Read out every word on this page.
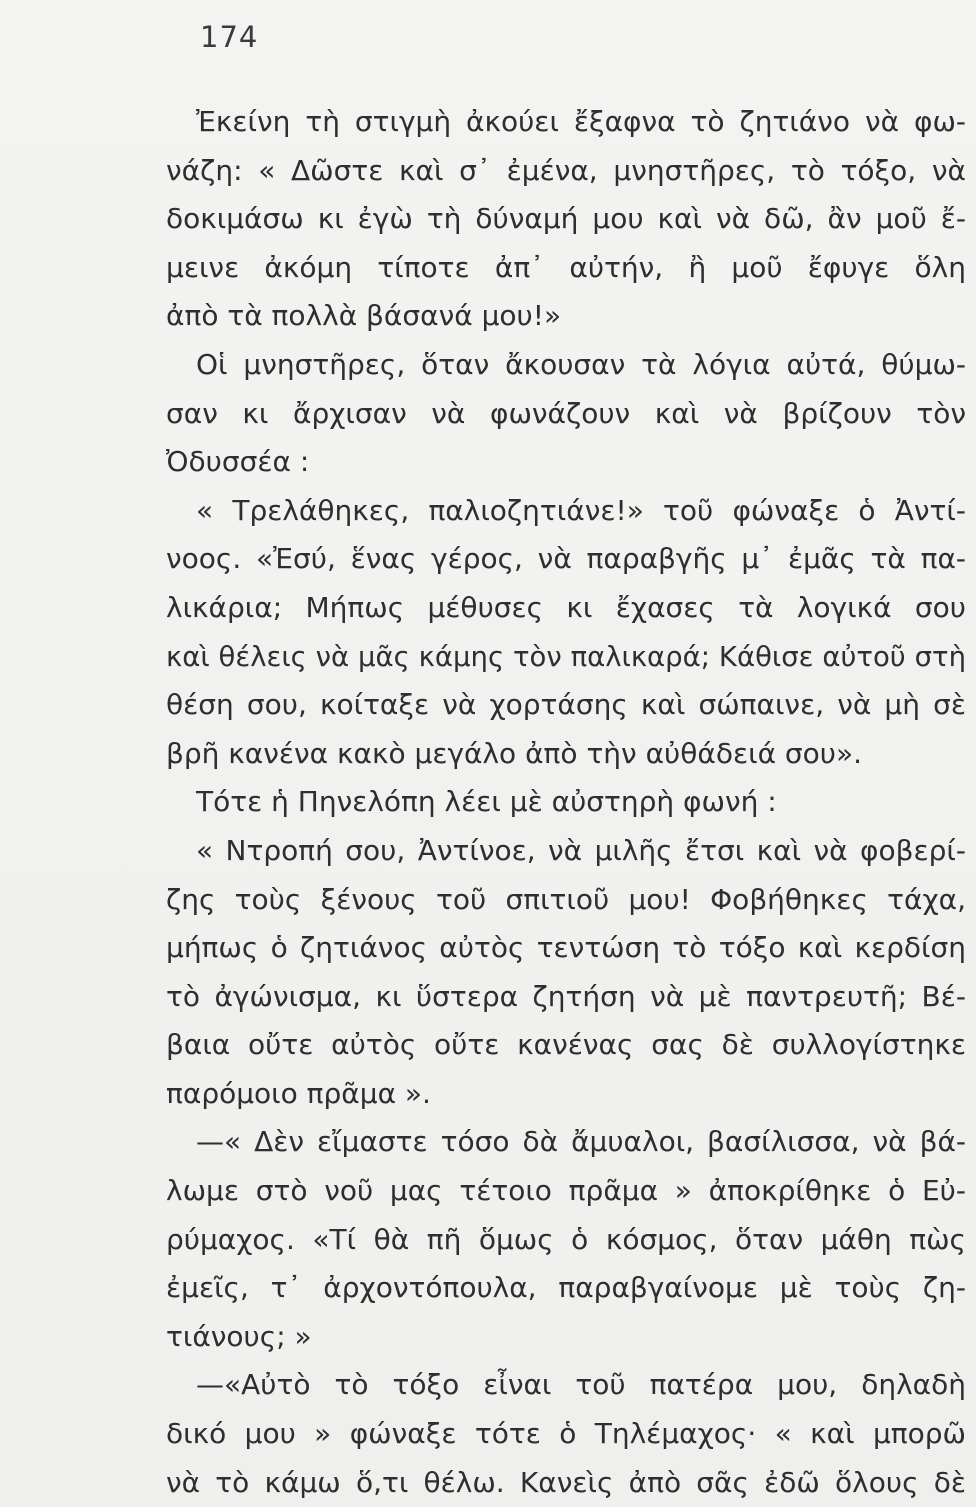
174
Ἐκείνη τὴ στιγμὴ ἀκούει ἔξαφνα τὸ ζητιάνο νὰ φω-
νάζη: « Δῶστε καὶ σ᾽ ἐμένα, μνηστῆρες, τὸ τόξο, νὰ
δοκιμάσω κι ἐγὼ τὴ δύναμή μου καὶ νὰ δῶ, ἂν μοῦ ἔ-
μεινε ἀκόμη τίποτε ἀπ᾽ αὐτήν, ἢ μοῦ ἔφυγε ὅλη
ἀπὸ τὰ πολλὰ βάσανά μου!»
Οἱ μνηστῆρες, ὅταν ἄκουσαν τὰ λόγια αὐτά, θύμω-
σαν κι ἄρχισαν νὰ φωνάζουν καὶ νὰ βρίζουν τὸν
Ὀδυσσέα :
« Τρελάθηκες, παλιοζητιάνε!» τοῦ φώναξε ὁ Ἀντί-
νοος. «Ἐσύ, ἕνας γέρος, νὰ παραβγῆς μ᾽ ἐμᾶς τὰ πα-
λικάρια; Μήπως μέθυσες κι ἔχασες τὰ λογικά σου
καὶ θέλεις νὰ μᾶς κάμης τὸν παλικαρά; Κάθισε αὐτοῦ στὴ
θέση σου, κοίταξε νὰ χορτάσης καὶ σώπαινε, νὰ μὴ σὲ
βρῆ κανένα κακὸ μεγάλο ἀπὸ τὴν αὐθάδειά σου».
Τότε ἡ Πηνελόπη λέει μὲ αὐστηρὴ φωνή :
« Ντροπή σου, Ἀντίνοε, νὰ μιλῆς ἔτσι καὶ νὰ φοβερί-
ζης τοὺς ξένους τοῦ σπιτιοῦ μου! Φοβήθηκες τάχα,
μήπως ὁ ζητιάνος αὐτὸς τεντώση τὸ τόξο καὶ κερδίση
τὸ ἀγώνισμα, κι ὕστερα ζητήση νὰ μὲ παντρευτῆ; Βέ-
βαια οὔτε αὐτὸς οὔτε κανένας σας δὲ συλλογίστηκε
παρόμοιο πρᾶμα ».
—« Δὲν εἴμαστε τόσο δὰ ἄμυαλοι, βασίλισσα, νὰ βά-
λωμε στὸ νοῦ μας τέτοιο πρᾶμα » ἀποκρίθηκε ὁ Εὐ-
ρύμαχος. «Τί θὰ πῆ ὅμως ὁ κόσμος, ὅταν μάθη πὼς
ἐμεῖς, τ᾽ ἀρχοντόπουλα, παραβγαίνομε μὲ τοὺς ζη-
τιάνους; »
—«Αὐτὸ τὸ τόξο εἶναι τοῦ πατέρα μου, δηλαδὴ
δικό μου » φώναξε τότε ὁ Τηλέμαχος· « καὶ μπορῶ
νὰ τὸ κάμω ὅ,τι θέλω. Κανεὶς ἀπὸ σᾶς ἐδῶ ὅλους δὲ
